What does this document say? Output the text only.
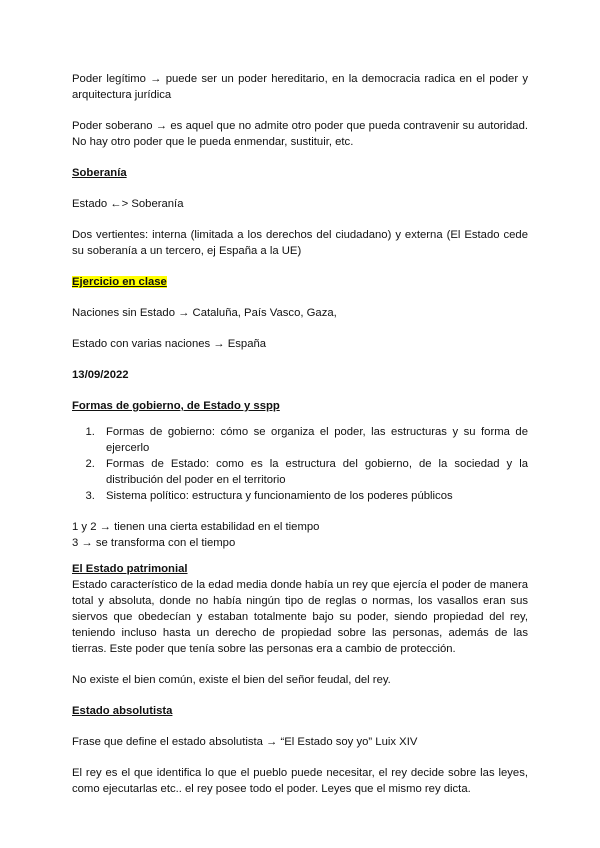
Poder legítimo → puede ser un poder hereditario, en la democracia radica en el poder y arquitectura jurídica

Poder soberano → es aquel que no admite otro poder que pueda contravenir su autoridad. No hay otro poder que le pueda enmendar, sustituir, etc.

Soberanía

Estado ←> Soberanía

Dos vertientes: interna (limitada a los derechos del ciudadano) y externa (El Estado cede su soberanía a un tercero, ej España a la UE)

Ejercicio en clase

Naciones sin Estado → Cataluña, País Vasco, Gaza,

Estado con varias naciones → España

13/09/2022

Formas de gobierno, de Estado y sspp

1. Formas de gobierno: cómo se organiza el poder, las estructuras y su forma de ejercerlo
2. Formas de Estado: como es la estructura del gobierno, de la sociedad y la distribución del poder en el territorio
3. Sistema político: estructura y funcionamiento de los poderes públicos

1 y 2 → tienen una cierta estabilidad en el tiempo

3 → se transforma con el tiempo

El Estado patrimonial

Estado característico de la edad media donde había un rey que ejercía el poder de manera total y absoluta, donde no había ningún tipo de reglas o normas, los vasallos eran sus siervos que obedecían y estaban totalmente bajo su poder, siendo propiedad del rey, teniendo incluso hasta un derecho de propiedad sobre las personas, además de las tierras. Este poder que tenía sobre las personas era a cambio de protección.

No existe el bien común, existe el bien del señor feudal, del rey.

Estado absolutista

Frase que define el estado absolutista → “El Estado soy yo” Luix XIV

El rey es el que identifica lo que el pueblo puede necesitar, el rey decide sobre las leyes, como ejecutarlas etc.. el rey posee todo el poder. Leyes que el mismo rey dicta.
